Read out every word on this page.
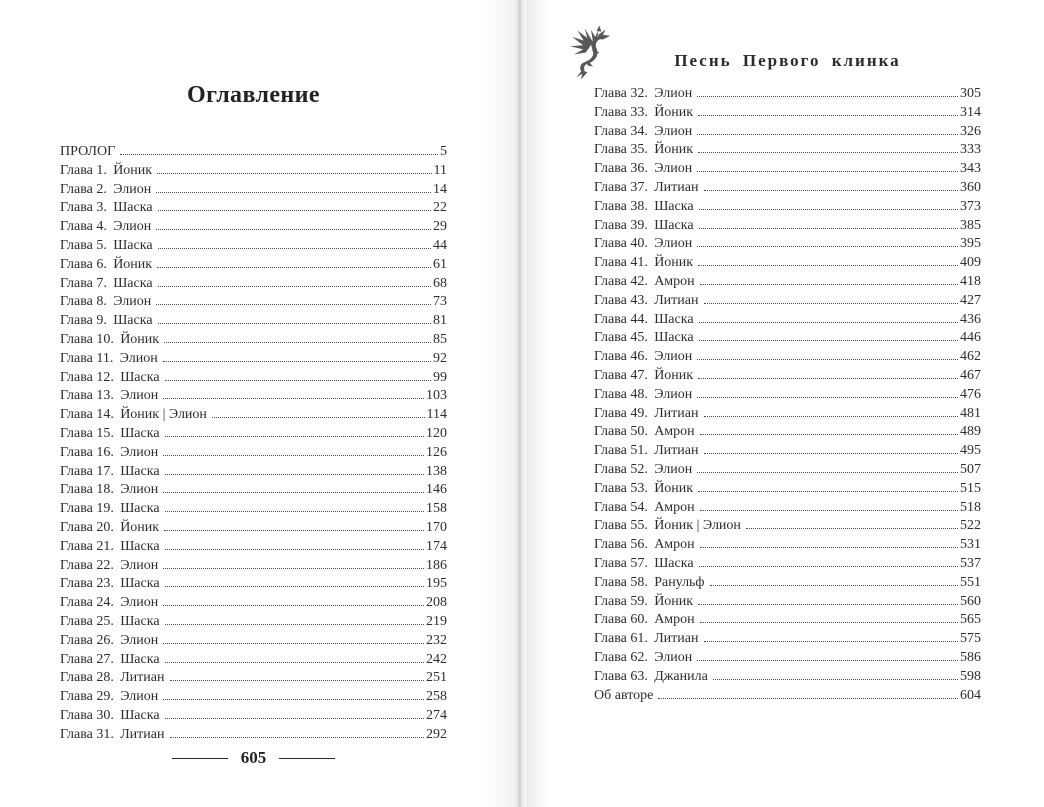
Оглавление
ПРОЛОГ	5
Глава 1. Йоник	11
Глава 2. Элион	14
Глава 3. Шаска	22
Глава 4. Элион	29
Глава 5. Шаска	44
Глава 6. Йоник	61
Глава 7. Шаска	68
Глава 8. Элион	73
Глава 9. Шаска	81
Глава 10. Йоник	85
Глава 11. Элион	92
Глава 12. Шаска	99
Глава 13. Элион	103
Глава 14. Йоник | Элион	114
Глава 15. Шаска	120
Глава 16. Элион	126
Глава 17. Шаска	138
Глава 18. Элион	146
Глава 19. Шаска	158
Глава 20. Йоник	170
Глава 21. Шаска	174
Глава 22. Элион	186
Глава 23. Шаска	195
Глава 24. Элион	208
Глава 25. Шаска	219
Глава 26. Элион	232
Глава 27. Шаска	242
Глава 28. Литиан	251
Глава 29. Элион	258
Глава 30. Шаска	274
Глава 31. Литиан	292
605
Песнь Первого клинка
Глава 32. Элион	305
Глава 33. Йоник	314
Глава 34. Элион	326
Глава 35. Йоник	333
Глава 36. Элион	343
Глава 37. Литиан	360
Глава 38. Шаска	373
Глава 39. Шаска	385
Глава 40. Элион	395
Глава 41. Йоник	409
Глава 42. Амрон	418
Глава 43. Литиан	427
Глава 44. Шаска	436
Глава 45. Шаска	446
Глава 46. Элион	462
Глава 47. Йоник	467
Глава 48. Элион	476
Глава 49. Литиан	481
Глава 50. Амрон	489
Глава 51. Литиан	495
Глава 52. Элион	507
Глава 53. Йоник	515
Глава 54. Амрон	518
Глава 55. Йоник | Элион	522
Глава 56. Амрон	531
Глава 57. Шаска	537
Глава 58. Ранульф	551
Глава 59. Йоник	560
Глава 60. Амрон	565
Глава 61. Литиан	575
Глава 62. Элион	586
Глава 63. Джанила	598
Об авторе	604
